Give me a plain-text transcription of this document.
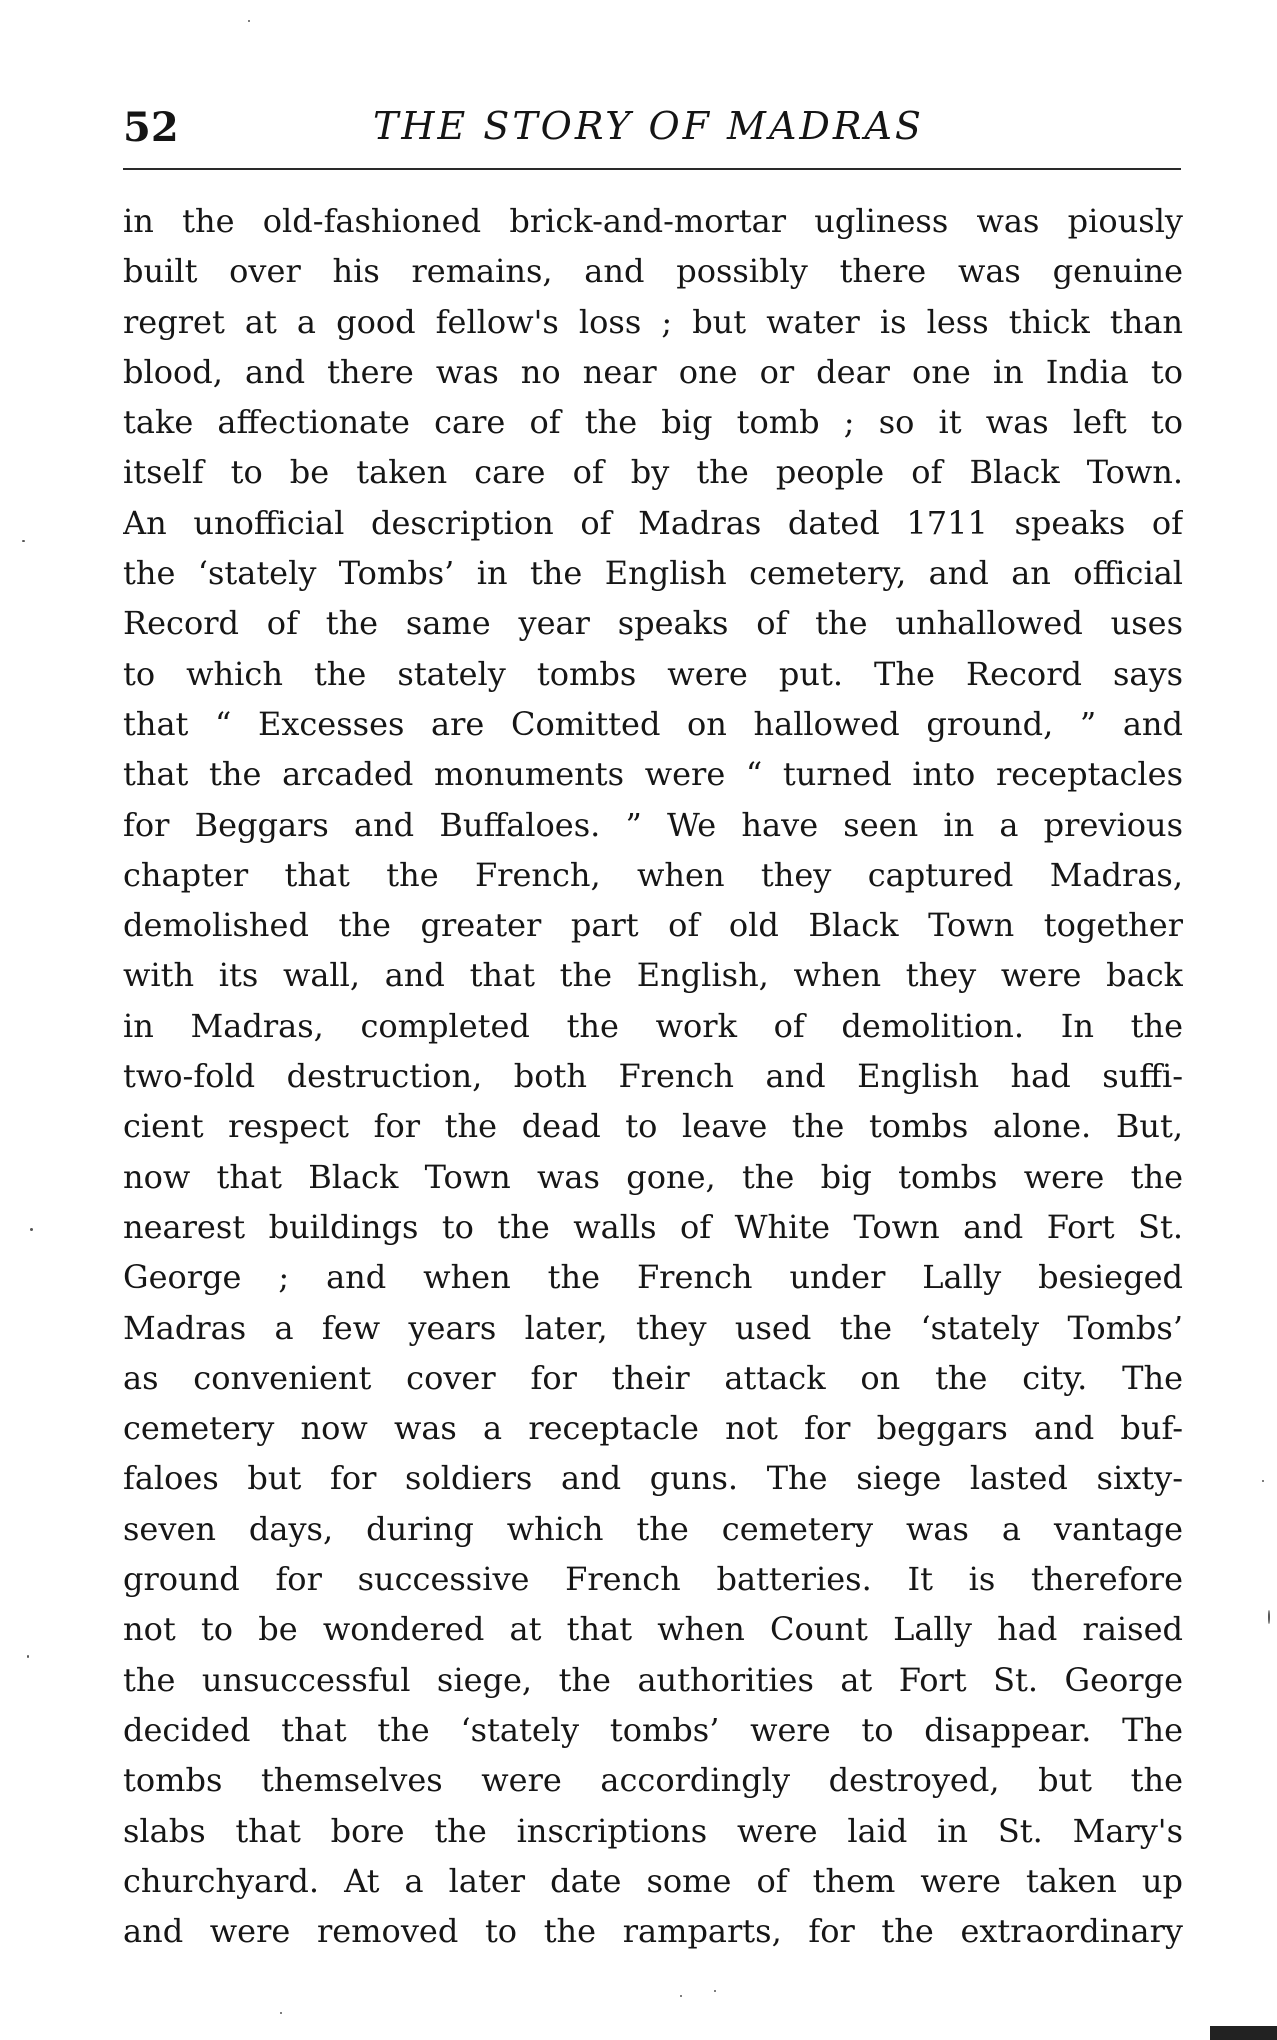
52	THE STORY OF MADRAS
in the old-fashioned brick-and-mortar ugliness was piously
built over his remains, and possibly there was genuine
regret at a good fellow's loss ; but water is less thick than
blood, and there was no near one or dear one in India to
take affectionate care of the big tomb ; so it was left to
itself to be taken care of by the people of Black Town.
An unofficial description of Madras dated 1711 speaks of
the ‘stately Tombs’ in the English cemetery, and an official
Record of the same year speaks of the unhallowed uses
to which the stately tombs were put. The Record says
that “ Excesses are Comitted on hallowed ground, ” and
that the arcaded monuments were “ turned into receptacles
for Beggars and Buffaloes. ” We have seen in a previous
chapter that the French, when they captured Madras,
demolished the greater part of old Black Town together
with its wall, and that the English, when they were back
in Madras, completed the work of demolition. In the
two-fold destruction, both French and English had suffi-
cient respect for the dead to leave the tombs alone. But,
now that Black Town was gone, the big tombs were the
nearest buildings to the walls of White Town and Fort St.
George ; and when the French under Lally besieged
Madras a few years later, they used the ‘stately Tombs’
as convenient cover for their attack on the city. The
cemetery now was a receptacle not for beggars and buf-
faloes but for soldiers and guns. The siege lasted sixty-
seven days, during which the cemetery was a vantage
ground for successive French batteries. It is therefore
not to be wondered at that when Count Lally had raised
the unsuccessful siege, the authorities at Fort St. George
decided that the ‘stately tombs’ were to disappear. The
tombs themselves were accordingly destroyed, but the
slabs that bore the inscriptions were laid in St. Mary's
churchyard. At a later date some of them were taken up
and were removed to the ramparts, for the extraordinary
